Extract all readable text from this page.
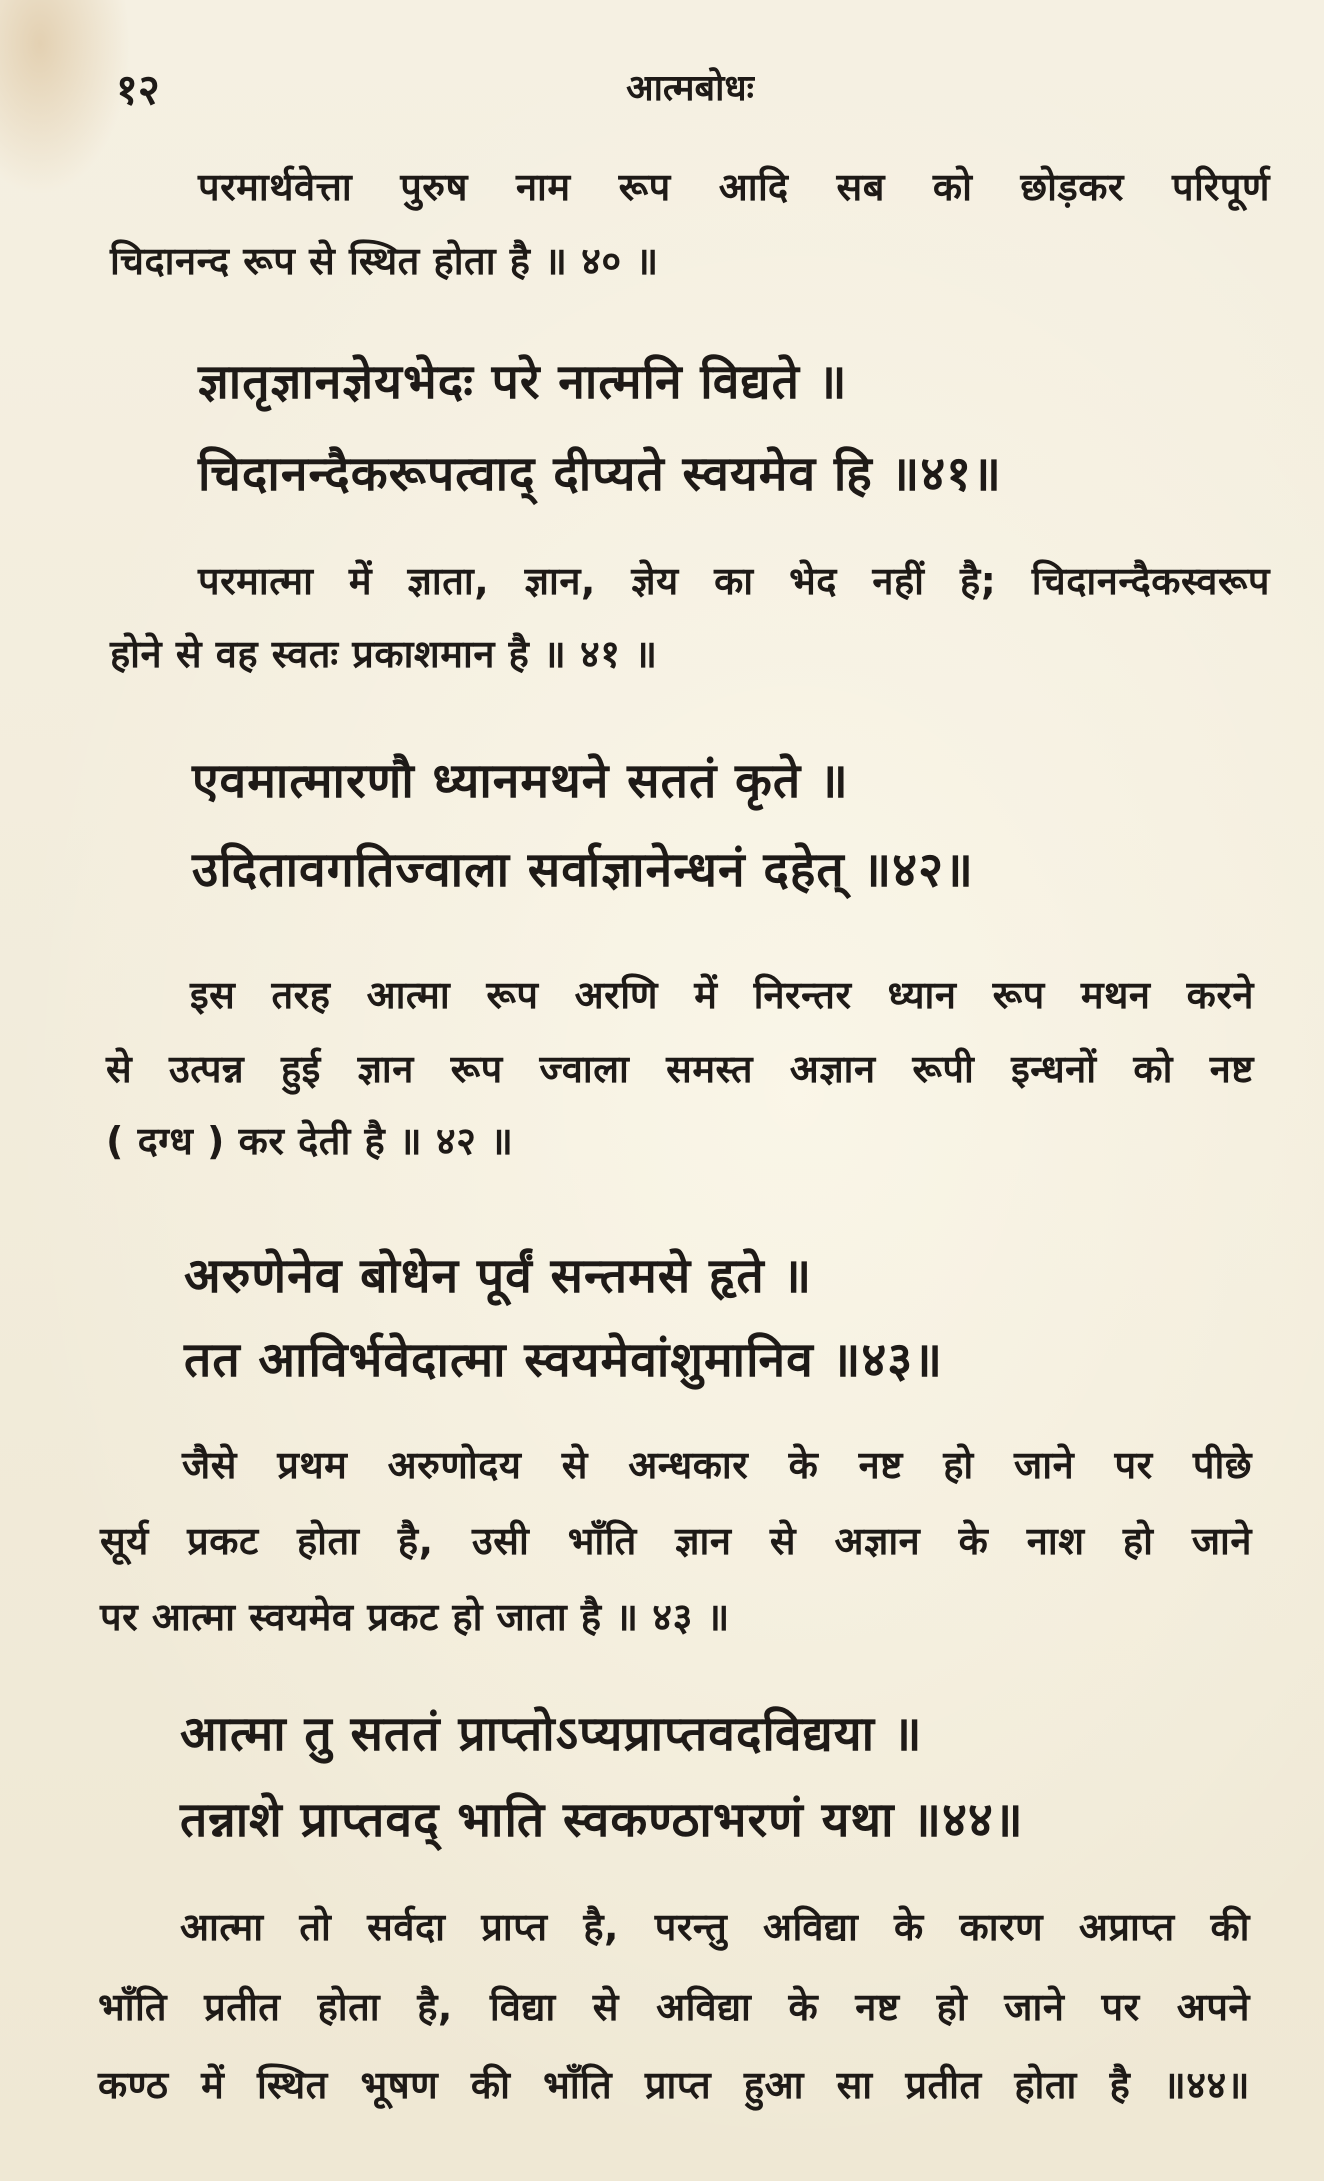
१२	आत्मबोधः
परमार्थवेत्ता पुरुष नाम रूप आदि सब को छोड़कर परिपूर्ण
चिदानन्द रूप से स्थित होता है ॥ ४० ॥
ज्ञातृज्ञानज्ञेयभेदः परे नात्मनि विद्यते ॥
चिदानन्दैकरूपत्वाद् दीप्यते स्वयमेव हि ॥४१॥
परमात्मा में ज्ञाता, ज्ञान, ज्ञेय का भेद नहीं है; चिदानन्दैकस्वरूप
होने से वह स्वतः प्रकाशमान है ॥ ४१ ॥
एवमात्मारणौ ध्यानमथने सततं कृते ॥
उदितावगतिज्वाला सर्वाज्ञानेन्धनं दहेत् ॥४२॥
इस तरह आत्मा रूप अरणि में निरन्तर ध्यान रूप मथन करने
से उत्पन्न हुई ज्ञान रूप ज्वाला समस्त अज्ञान रूपी इन्धनों को नष्ट
( दग्ध ) कर देती है ॥ ४२ ॥
अरुणेनेव बोधेन पूर्वं सन्तमसे हृते ॥
तत आविर्भवेदात्मा स्वयमेवांशुमानिव ॥४३॥
जैसे प्रथम अरुणोदय से अन्धकार के नष्ट हो जाने पर पीछे
सूर्य प्रकट होता है, उसी भाँति ज्ञान से अज्ञान के नाश हो जाने
पर आत्मा स्वयमेव प्रकट हो जाता है ॥ ४३ ॥
आत्मा तु सततं प्राप्तोऽप्यप्राप्तवदविद्यया ॥
तन्नाशे प्राप्तवद् भाति स्वकण्ठाभरणं यथा ॥४४॥
आत्मा तो सर्वदा प्राप्त है, परन्तु अविद्या के कारण अप्राप्त की
भाँति प्रतीत होता है, विद्या से अविद्या के नष्ट हो जाने पर अपने
कण्ठ में स्थित भूषण की भाँति प्राप्त हुआ सा प्रतीत होता है ॥४४॥
